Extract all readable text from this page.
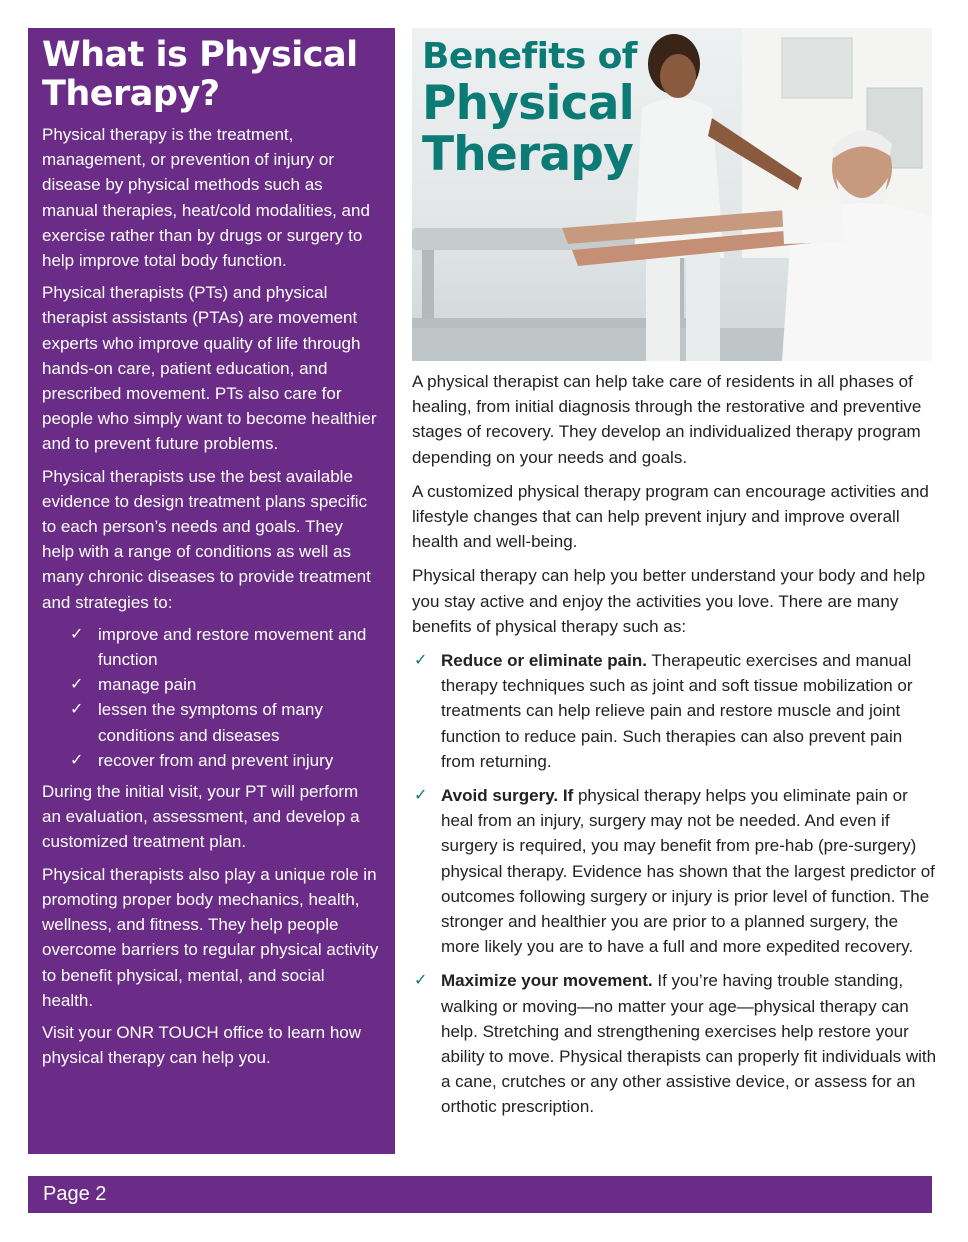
What is Physical Therapy?

Physical therapy is the treatment, management, or prevention of injury or disease by physical methods such as manual therapies, heat/cold modalities, and exercise rather than by drugs or surgery to help improve total body function.

Physical therapists (PTs) and physical therapist assistants (PTAs) are movement experts who improve quality of life through hands-on care, patient education, and prescribed movement. PTs also care for people who simply want to become healthier and to prevent future problems.

Physical therapists use the best available evidence to design treatment plans specific to each person’s needs and goals. They help with a range of conditions as well as many chronic diseases to provide treatment and strategies to:

✓ improve and restore movement and function
✓ manage pain
✓ lessen the symptoms of many conditions and diseases
✓ recover from and prevent injury

During the initial visit, your PT will perform an evaluation, assessment, and develop a customized treatment plan.

Physical therapists also play a unique role in promoting proper body mechanics, health, wellness, and fitness. They help people overcome barriers to regular physical activity to benefit physical, mental, and social health.

Visit your ONR TOUCH office to learn how physical therapy can help you.

Benefits of
Physical
Therapy

A physical therapist can help take care of residents in all phases of healing, from initial diagnosis through the restorative and preventive stages of recovery. They develop an individualized therapy program depending on your needs and goals.

A customized physical therapy program can encourage activities and lifestyle changes that can help prevent injury and improve overall health and well-being.

Physical therapy can help you better understand your body and help you stay active and enjoy the activities you love. There are many benefits of physical therapy such as:

✓ Reduce or eliminate pain. Therapeutic exercises and manual therapy techniques such as joint and soft tissue mobilization or treatments can help relieve pain and restore muscle and joint function to reduce pain. Such therapies can also prevent pain from returning.
✓ Avoid surgery. If physical therapy helps you eliminate pain or heal from an injury, surgery may not be needed. And even if surgery is required, you may benefit from pre-hab (pre-surgery) physical therapy. Evidence has shown that the largest predictor of outcomes following surgery or injury is prior level of function. The stronger and healthier you are prior to a planned surgery, the more likely you are to have a full and more expedited recovery.
✓ Maximize your movement. If you’re having trouble standing, walking or moving—no matter your age—physical therapy can help. Stretching and strengthening exercises help restore your ability to move. Physical therapists can properly fit individuals with a cane, crutches or any other assistive device, or assess for an orthotic prescription.
Page 2
